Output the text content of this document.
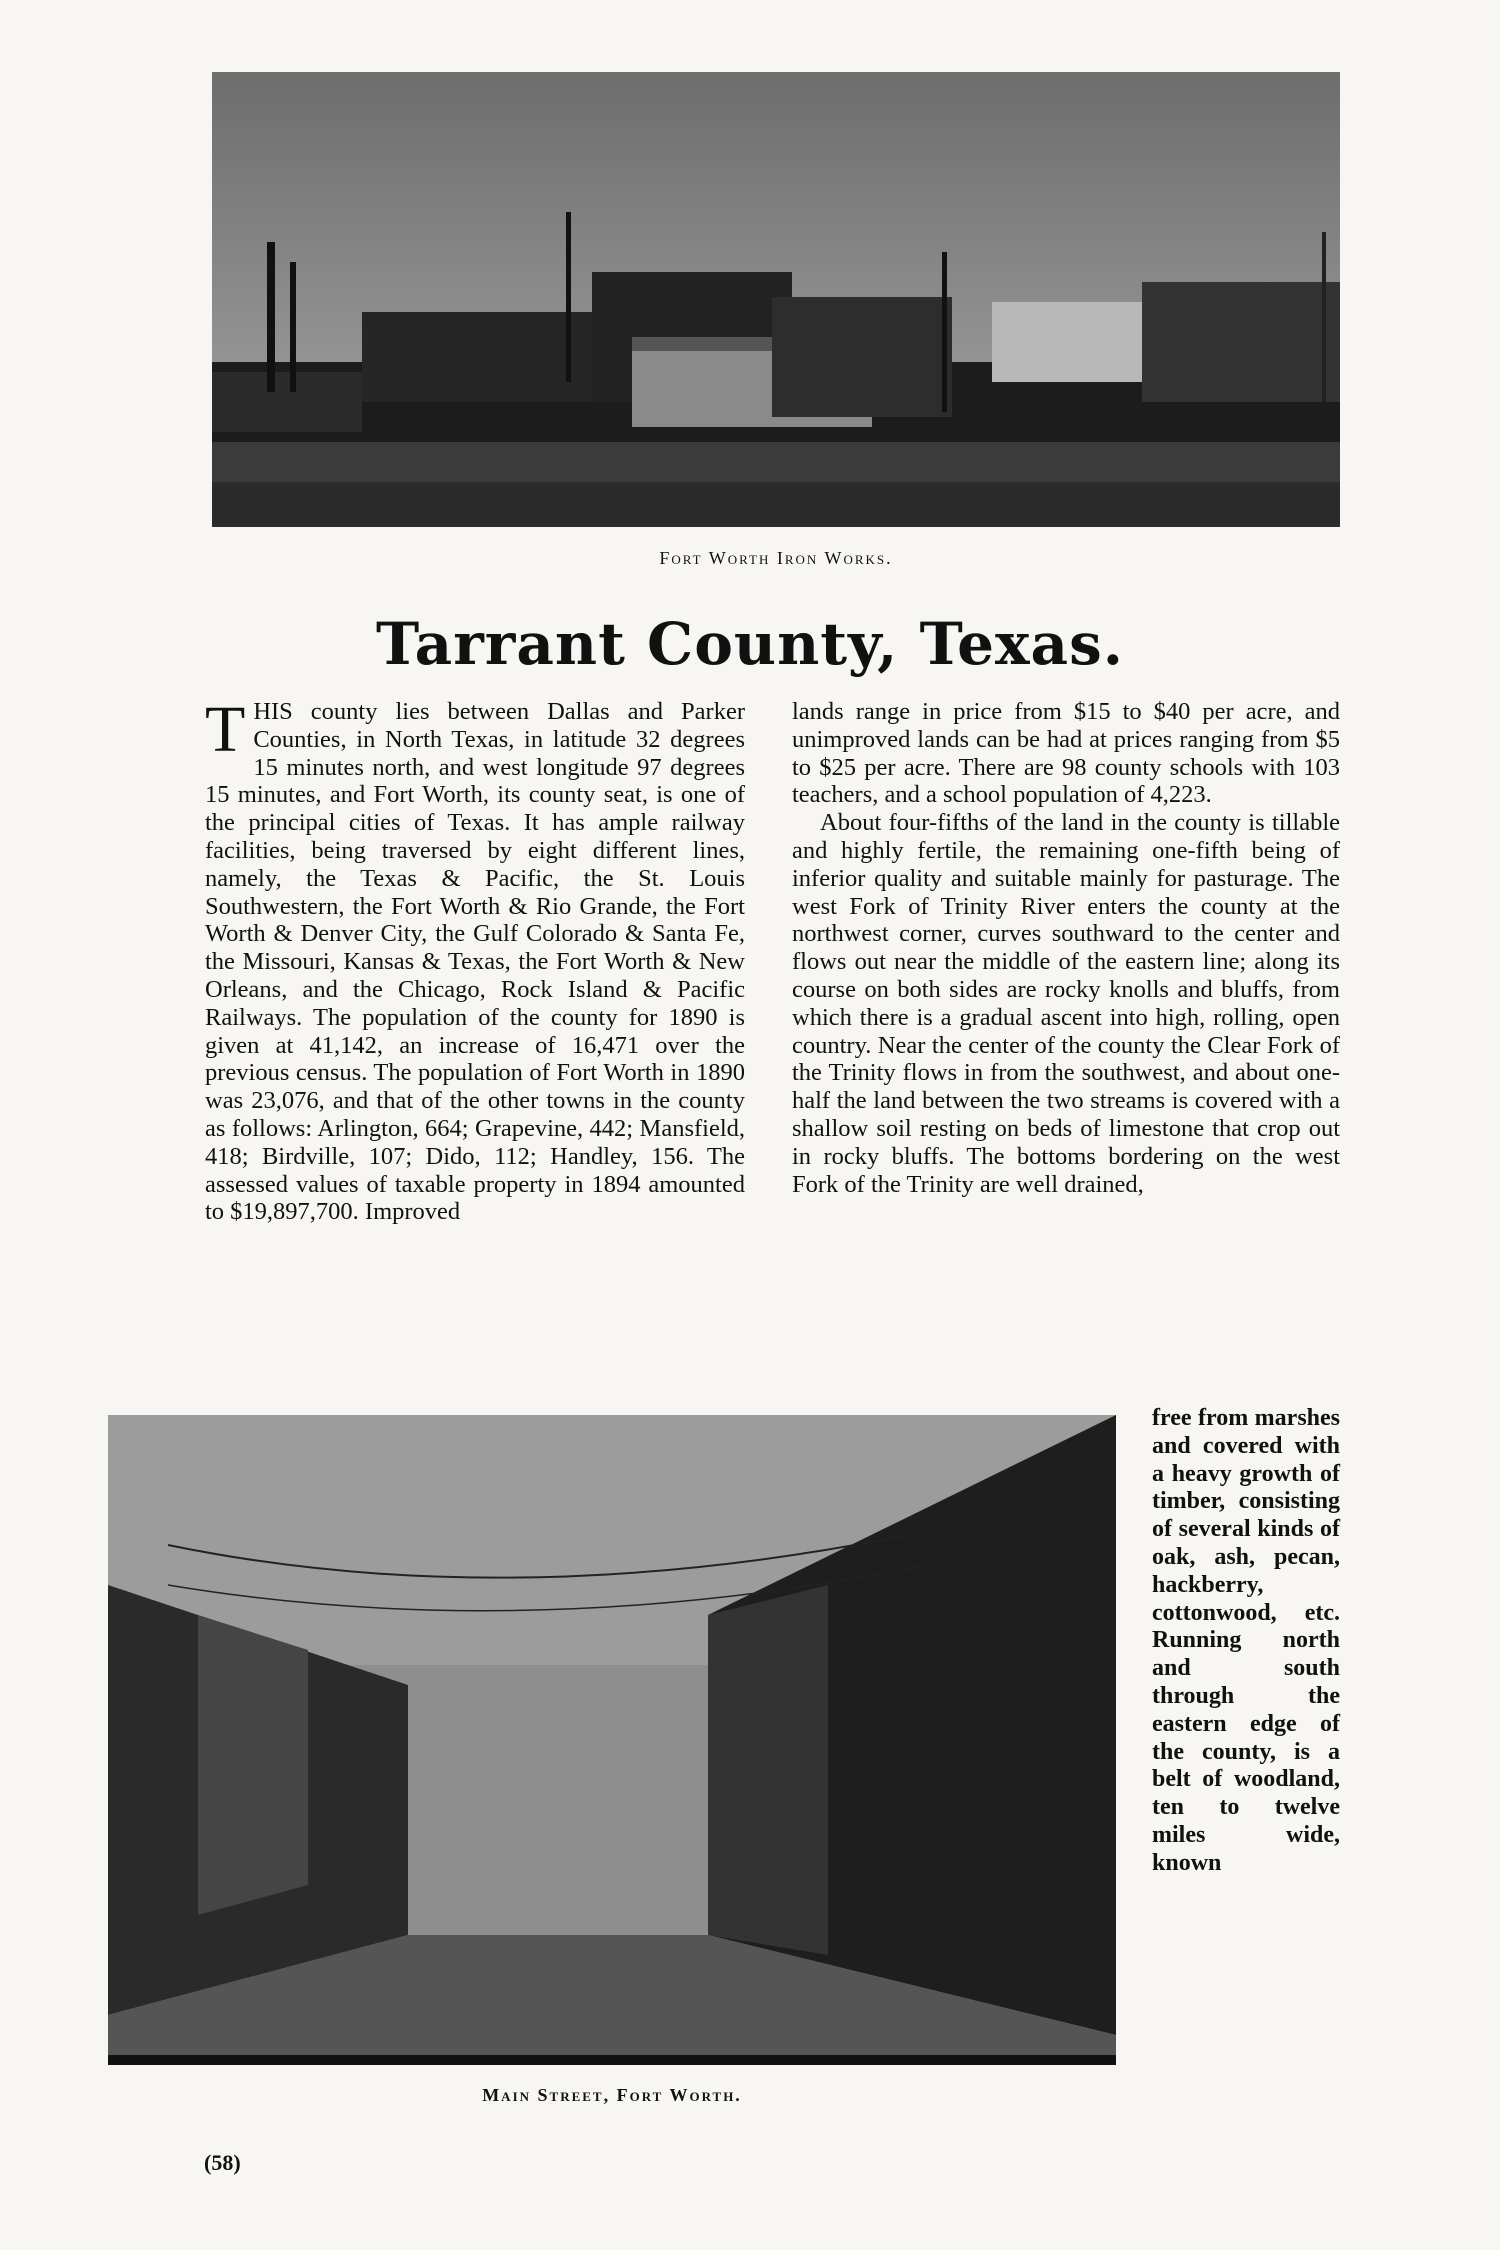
Fort Worth Iron Works.
Tarrant County, Texas.

THIS county lies between Dallas and Parker Counties, in North Texas, in latitude 32 degrees 15 minutes north, and west longitude 97 degrees 15 minutes, and Fort Worth, its county seat, is one of the principal cities of Texas. It has ample railway facilities, being traversed by eight different lines, namely, the Texas & Pacific, the St. Louis Southwestern, the Fort Worth & Rio Grande, the Fort Worth & Denver City, the Gulf Colorado & Santa Fe, the Missouri, Kansas & Texas, the Fort Worth & New Orleans, and the Chicago, Rock Island & Pacific Railways. The population of the county for 1890 is given at 41,142, an increase of 16,471 over the previous census. The population of Fort Worth in 1890 was 23,076, and that of the other towns in the county as follows: Arlington, 664; Grapevine, 442; Mansfield, 418; Birdville, 107; Dido, 112; Handley, 156. The assessed values of taxable property in 1894 amounted to $19,897,700. Improved

lands range in price from $15 to $40 per acre, and unimproved lands can be had at prices ranging from $5 to $25 per acre. There are 98 county schools with 103 teachers, and a school population of 4,223.

About four-fifths of the land in the county is tillable and highly fertile, the remaining one-fifth being of inferior quality and suitable mainly for pasturage. The west Fork of Trinity River enters the county at the northwest corner, curves southward to the center and flows out near the middle of the eastern line; along its course on both sides are rocky knolls and bluffs, from which there is a gradual ascent into high, rolling, open country. Near the center of the county the Clear Fork of the Trinity flows in from the southwest, and about one-half the land between the two streams is covered with a shallow soil resting on beds of limestone that crop out in rocky bluffs. The bottoms bordering on the west Fork of the Trinity are well drained,

free from marshes and covered with a heavy growth of timber, consisting of several kinds of oak, ash, pecan, hackberry, cottonwood, etc. Running north and south through the eastern edge of the county, is a belt of woodland, ten to twelve miles wide, known
Main Street, Fort Worth.
(58)
